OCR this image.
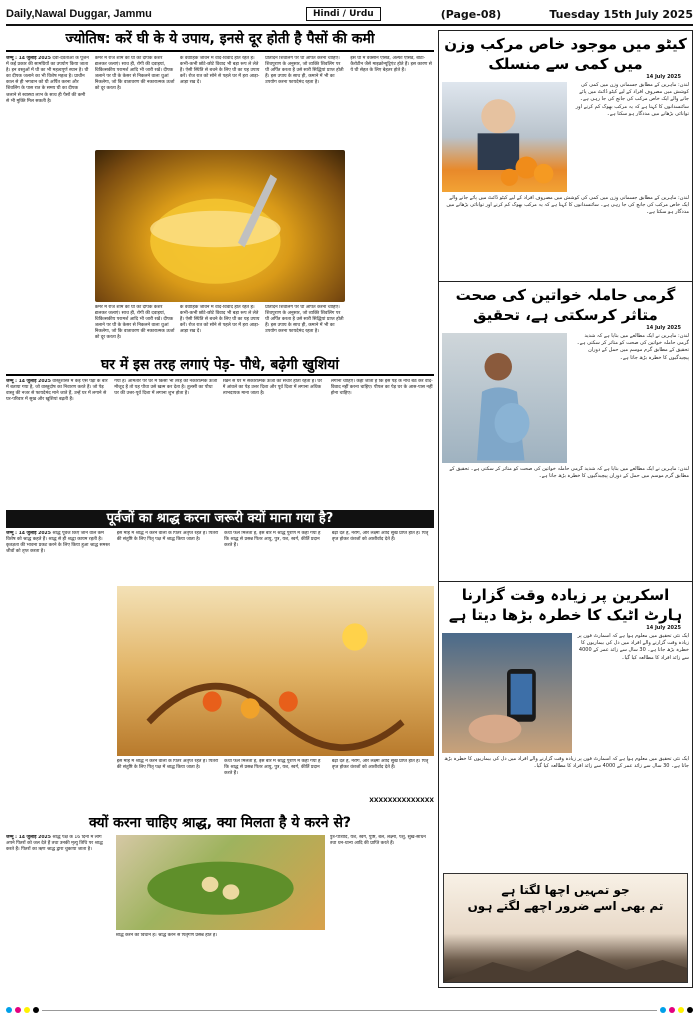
Daily,Nawal Duggar, Jammu	Hindi / Urdu	(Page-08)	Tuesday 15th July 2025
ज्योतिष: करें घी के ये उपाय, इनसे दूर होती है पैसों की कमी
जम्मू : 14 जुलाई 2025 देवी-देवताओं के पूजन में कई प्रकार की सामग्रियों का उपयोग किया जाता है। इन वस्तुओं में घी का भी महत्वपूर्ण स्थान है। घी का दीपक जलाने का भी विशेष महत्व है। प्राचीन काल से ही भगवान को घी अर्पित करना और शिवलिंग के पास रात के समय घी का दीपक जलाने से स्वास्थ्य लाभ के साथ ही पैसों की कमी से भी मुक्ति मिल सकती है।
कमरे में रोज शाम को घी का दीपक केशर डालकर जलाएं। साथ ही, रोगी की दवाइयां, चिकित्सकीय परामर्श आदि भी जारी रखें। दीपक जलाने पर घी के केसर से निकलने वाला धुआं निकलेगा, जो कि वातावरण की नकारात्मक ऊर्जा को दूर करता है।
के वैवाहिक जीवन में वाद-विवाद होते रहते हैं। कभी-कभी छोटे-छोटे विवाद भी बड़ा रूप ले लेते हैं। ऐसी स्थिति से बचने के लिए घी का यह उपाय करें। रोज रात को सोने से पहले घर में हरा आड़ा-आड़ा रख दें।
प्रतिदिन शिवलिंग पर घी अर्पित करना चाहिए। शिवपुराण के अनुसार, जो व्यक्ति शिवलिंग पर घी अर्पित करता है उसे सारी सिद्धियां प्राप्त होती हैं। इस उपाय के साथ ही, कमाने में भी का उपयोग करना फायदेमंद रहता है।
कमरे में रोज शाम को घी का दीपक केशर डालकर जलाएं। साथ ही, रोगी की दवाइयां, चिकित्सकीय परामर्श आदि भी जारी रखें। दीपक जलाने पर घी के केसर से निकलने वाला धुआं निकलेगा, जो कि वातावरण की नकारात्मक ऊर्जा को दूर करता है।
के वैवाहिक जीवन में वाद-विवाद होते रहते हैं। कभी-कभी छोटे-छोटे विवाद भी बड़ा रूप ले लेते हैं। ऐसी स्थिति से बचने के लिए घी का यह उपाय करें। रोज रात को सोने से पहले घर में हरा आड़ा-आड़ा रख दें।
प्रतिदिन शिवलिंग पर घी अर्पित करना चाहिए। शिवपुराण के अनुसार, जो व्यक्ति शिवलिंग पर घी अर्पित करता है उसे सारी सिद्धियां प्राप्त होती हैं। इस उपाय के साथ ही, कमाने में भी का उपयोग करना फायदेमंद रहता है।
इस घी में वैक्सीन एसिड, अल्फा एसिड, बीटा-कैरोटीन जैसे माइक्रोन्यूट्रिएंट होते हैं। इस कारण से ये घी सेहत के लिए बेहतर होते हैं।
घर में इस तरह लगाएं पेड़- पौधे, बढ़ेगी खुशियां
जम्मू : 14 जुलाई 2025 वास्तुशास्त्र में कई ऐसे पेड़ों के बारे में बताया गया है, जो वास्तुदोष का निवारण करते हैं। जो पेड़ वास्तु की नजर से फायदेमंद माने जाते हैं, उन्हें घर में लगाने से घर-परिवार में सुख और खुशियां बढ़ती हैं।
गया है। आमतौर पर घर में किसी भी तरह की नकारात्मक ऊर्जा मौजूद है तो यह पौधा उसे खत्म कर देता है। तुलसी का पौधा घर की उत्तर-पूर्व दिशा में लगाना शुभ होता है।
रखने से घर में सकारात्मक ऊर्जा का संचार होता रहता है। घर में आंवले का पेड़ उत्तर दिशा और पूर्व दिशा में लगाना अधिक लाभदायक माना जाता है।
लगाना चाहिए। कहा जाता है कि इस पेड़ के नीचे बैठ कर वाद-विवाद नहीं करना चाहिए। पीपल का पेड़ घर के आस-पास नहीं होना चाहिए।
पूर्वजों का श्राद्ध करना जरूरी क्यों माना गया है?
जम्मू : 14 जुलाई 2025 श्राद्ध पूर्वज किए जाने वाले कर्म विशेष को श्राद्ध कहते हैं। श्राद्ध से ही श्रद्धा कायम रहती है। कृतज्ञता की भावना प्रकट करने के लिए किया हुआ श्राद्ध समस्त जीवों को तृप्त करता है।
इस माह में श्राद्ध न करने वालों के पितर अतृप्त रहते हैं। पितरों की संतुष्टि के लिए पितृ पक्ष में श्राद्ध किया जाता है।
कथा फल मिलता है, इस बारे में श्राद्ध पुराण में कहा गया है कि श्राद्ध से प्रसन्न पितर आयु, पुत्र, यश, स्वर्ग, कीर्ति प्रदान करते हैं।
बढ़ा देते हैं, नरोग, और लक्ष्मी आदि सुख प्राप्त होते हैं। पितृ तृप्त होकर वंशजों को आशीर्वाद देते हैं।
इस माह में श्राद्ध न करने वालों के पितर अतृप्त रहते हैं। पितरों की संतुष्टि के लिए पितृ पक्ष में श्राद्ध किया जाता है।
कथा फल मिलता है, इस बारे में श्राद्ध पुराण में कहा गया है कि श्राद्ध से प्रसन्न पितर आयु, पुत्र, यश, स्वर्ग, कीर्ति प्रदान करते हैं।
बढ़ा देते हैं, नरोग, और लक्ष्मी आदि सुख प्राप्त होते हैं। पितृ तृप्त होकर वंशजों को आशीर्वाद देते हैं।
XXXXXXXXXXXXXX
क्यों करना चाहिए श्राद्ध, क्या मिलता है ये करने से?
जम्मू : 14 जुलाई 2025 श्राद्ध पक्ष के 16 दिनों में लोग अपने पितरों को जल देते हैं तथा उनकी मृत्यु तिथि पर श्राद्ध करते हैं। पितरों का ऋण श्राद्ध द्वारा चुकाया जाता है।
श्राद्ध करने का विधान है। श्राद्ध करने से पितृगण प्रसन्न होते हैं।
पुत्र-पौत्रादि, यश, स्वर्ग, पुष्टि, बल, लक्ष्मी, पशु, सुख-साधन तथा धन-धान्य आदि की प्राप्ति करते हैं।
کیٹو میں موجود خاص مرکب وزن میں کمی سے منسلک
14 July 2025
لندن: ماہرین کے مطابق جسمانی وزن میں کمی کی کوشش میں مصروف افراد کے لیے کیٹو ڈائٹ میں پائے جانے والے ایک خاص مرکب کی جانچ کی جا رہی ہے۔ سائنسدانوں کا کہنا ہے کہ یہ مرکب بھوک کم کرنے اور توانائی بڑھانے میں مددگار ہو سکتا ہے۔
لندن: ماہرین کے مطابق جسمانی وزن میں کمی کی کوشش میں مصروف افراد کے لیے کیٹو ڈائٹ میں پائے جانے والے ایک خاص مرکب کی جانچ کی جا رہی ہے۔ سائنسدانوں کا کہنا ہے کہ یہ مرکب بھوک کم کرنے اور توانائی بڑھانے میں مددگار ہو سکتا ہے۔
گرمی حاملہ خواتین کی صحت متاثر کرسکتی ہے، تحقیق
14 July 2025
لندن: ماہرین نے ایک مطالعے میں بتایا ہے کہ شدید گرمی حاملہ خواتین کی صحت کو متاثر کر سکتی ہے۔ تحقیق کے مطابق گرم موسم میں حمل کے دوران پیچیدگیوں کا خطرہ بڑھ جاتا ہے۔
لندن: ماہرین نے ایک مطالعے میں بتایا ہے کہ شدید گرمی حاملہ خواتین کی صحت کو متاثر کر سکتی ہے۔ تحقیق کے مطابق گرم موسم میں حمل کے دوران پیچیدگیوں کا خطرہ بڑھ جاتا ہے۔
اسکرین پر زیادہ وقت گزارنا ہارٹ اٹیک کا خطرہ بڑھا دیتا ہے
14 July 2025
ایک نئی تحقیق میں معلوم ہوا ہے کہ اسمارٹ فون پر زیادہ وقت گزارنے والے افراد میں دل کی بیماریوں کا خطرہ بڑھ جاتا ہے۔ 30 سال سے زائد عمر کے 4000 سے زائد افراد کا مطالعہ کیا گیا۔
ایک نئی تحقیق میں معلوم ہوا ہے کہ اسمارٹ فون پر زیادہ وقت گزارنے والے افراد میں دل کی بیماریوں کا خطرہ بڑھ جاتا ہے۔ 30 سال سے زائد عمر کے 4000 سے زائد افراد کا مطالعہ کیا گیا۔
جو تمہیں اچھا لگتا ہے
تم بھی اسے ضرور اچھے لگتے ہوں
